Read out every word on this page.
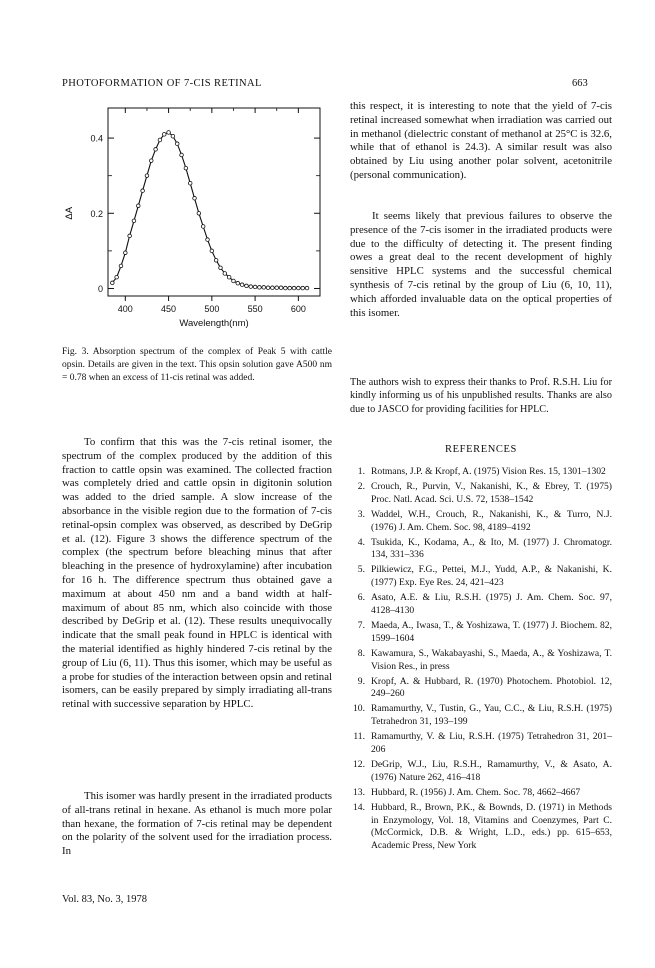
PHOTOFORMATION OF 7-CIS RETINAL	663
400	450	500	550	600
0
0.2
0.4
Wavelength(nm)
ΔA
Fig. 3. Absorption spectrum of the complex of Peak 5 with cattle opsin. Details are given in the text. This opsin solution gave A500 nm = 0.78 when an excess of 11-cis retinal was added.

To confirm that this was the 7-cis retinal isomer, the spectrum of the complex produced by the addition of this fraction to cattle opsin was examined. The collected fraction was completely dried and cattle opsin in digitonin solution was added to the dried sample. A slow increase of the absorbance in the visible region due to the formation of 7-cis retinal-opsin complex was observed, as described by DeGrip et al. (12). Figure 3 shows the difference spectrum of the complex (the spectrum before bleaching minus that after bleaching in the presence of hydroxylamine) after incubation for 16 h. The difference spectrum thus obtained gave a maximum at about 450 nm and a band width at half-maximum of about 85 nm, which also coincide with those described by DeGrip et al. (12). These results unequivocally indicate that the small peak found in HPLC is identical with the material identified as highly hindered 7-cis retinal by the group of Liu (6, 11). Thus this isomer, which may be useful as a probe for studies of the interaction between opsin and retinal isomers, can be easily prepared by simply irradiating all-trans retinal with successive separation by HPLC.

This isomer was hardly present in the irradiated products of all-trans retinal in hexane. As ethanol is much more polar than hexane, the formation of 7-cis retinal may be dependent on the polarity of the solvent used for the irradiation process. In

this respect, it is interesting to note that the yield of 7-cis retinal increased somewhat when irradiation was carried out in methanol (dielectric constant of methanol at 25°C is 32.6, while that of ethanol is 24.3). A similar result was also obtained by Liu using another polar solvent, acetonitrile (personal communication).

It seems likely that previous failures to observe the presence of the 7-cis isomer in the irradiated products were due to the difficulty of detecting it. The present finding owes a great deal to the recent development of highly sensitive HPLC systems and the successful chemical synthesis of 7-cis retinal by the group of Liu (6, 10, 11), which afforded invaluable data on the optical properties of this isomer.

The authors wish to express their thanks to Prof. R.S.H. Liu for kindly informing us of his unpublished results. Thanks are also due to JASCO for providing facilities for HPLC.

REFERENCES
1. Rotmans, J.P. & Kropf, A. (1975) Vision Res. 15, 1301–1302
2. Crouch, R., Purvin, V., Nakanishi, K., & Ebrey, T. (1975) Proc. Natl. Acad. Sci. U.S. 72, 1538–1542
3. Waddel, W.H., Crouch, R., Nakanishi, K., & Turro, N.J. (1976) J. Am. Chem. Soc. 98, 4189–4192
4. Tsukida, K., Kodama, A., & Ito, M. (1977) J. Chromatogr. 134, 331–336
5. Pilkiewicz, F.G., Pettei, M.J., Yudd, A.P., & Nakanishi, K. (1977) Exp. Eye Res. 24, 421–423
6. Asato, A.E. & Liu, R.S.H. (1975) J. Am. Chem. Soc. 97, 4128–4130
7. Maeda, A., Iwasa, T., & Yoshizawa, T. (1977) J. Biochem. 82, 1599–1604
8. Kawamura, S., Wakabayashi, S., Maeda, A., & Yoshizawa, T. Vision Res., in press
9. Kropf, A. & Hubbard, R. (1970) Photochem. Photobiol. 12, 249–260
10. Ramamurthy, V., Tustin, G., Yau, C.C., & Liu, R.S.H. (1975) Tetrahedron 31, 193–199
11. Ramamurthy, V. & Liu, R.S.H. (1975) Tetrahedron 31, 201–206
12. DeGrip, W.J., Liu, R.S.H., Ramamurthy, V., & Asato, A. (1976) Nature 262, 416–418
13. Hubbard, R. (1956) J. Am. Chem. Soc. 78, 4662–4667
14. Hubbard, R., Brown, P.K., & Bownds, D. (1971) in Methods in Enzymology, Vol. 18, Vitamins and Coenzymes, Part C. (McCormick, D.B. & Wright, L.D., eds.) pp. 615–653, Academic Press, New York
Vol. 83, No. 3, 1978
